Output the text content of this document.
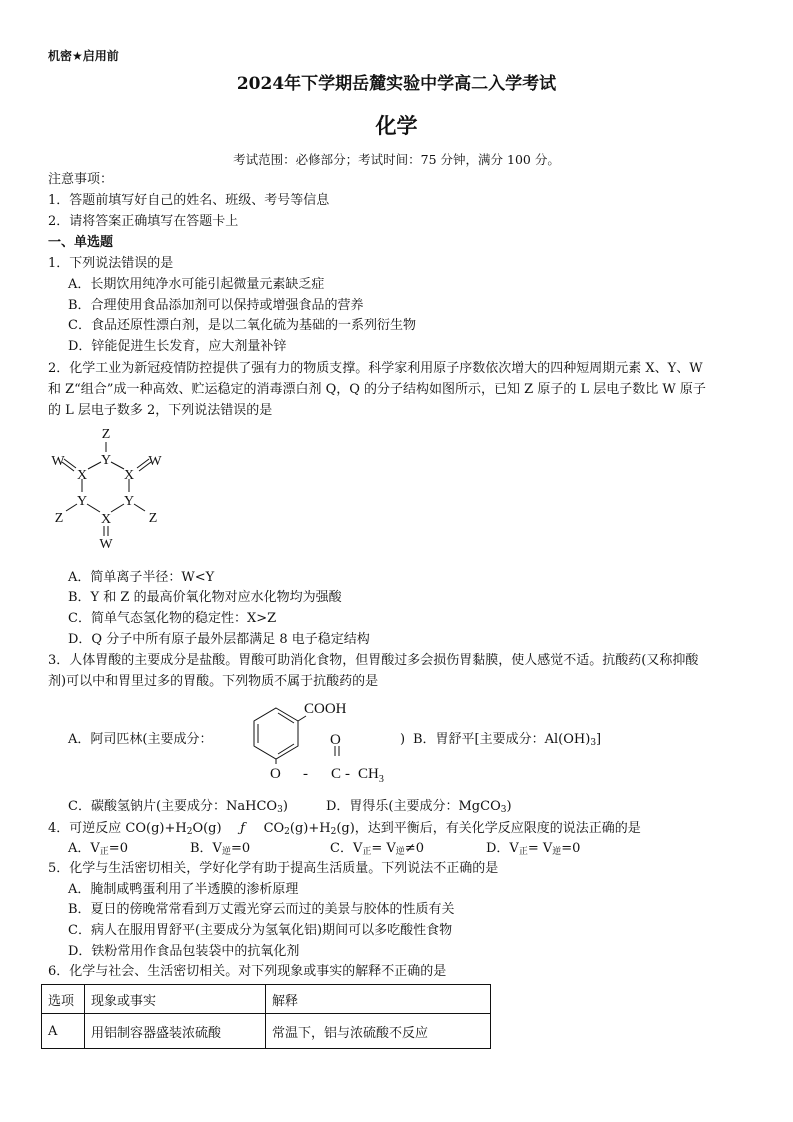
机密★启用前
2024年下学期岳麓实验中学高二入学考试
化学
考试范围：必修部分；考试时间：75 分钟，满分 100 分。
注意事项：
1．答题前填写好自己的姓名、班级、考号等信息
2．请将答案正确填写在答题卡上
一、单选题
1．下列说法错误的是
A．长期饮用纯净水可能引起微量元素缺乏症
B．合理使用食品添加剂可以保持或增强食品的营养
C．食品还原性漂白剂，是以二氧化硫为基础的一系列衍生物
D．锌能促进生长发育，应大剂量补锌
2．化学工业为新冠疫情防控提供了强有力的物质支撑。科学家利用原子序数依次增大的四种短周期元素 X、Y、W
和 Z“组合”成一种高效、贮运稳定的消毒漂白剂 Q，Q 的分子结构如图所示，已知 Z 原子的 L 层电子数比 W 原子
的 L 层电子数多 2，下列说法错误的是
Z
Y
X	X
W	W
Y	Y
Z	Z
X
W
A．简单离子半径：W<Y
B．Y 和 Z 的最高价氧化物对应水化物均为强酸
C．简单气态氢化物的稳定性：X>Z
D．Q 分子中所有原子最外层都满足 8 电子稳定结构
3．人体胃酸的主要成分是盐酸。胃酸可助消化食物，但胃酸过多会损伤胃黏膜，使人感觉不适。抗酸药(又称抑酸
剂)可以中和胃里过多的胃酸。下列物质不属于抗酸药的是
A．阿司匹林(主要成分：
COOH
O
O - C - $CH_3$
) B．胃舒平[主要成分：$Al(OH)_3$]
C．碳酸氢钠片(主要成分：NaHCO$_3$)	D．胃得乐(主要成分：MgCO$_3$)
4．可逆反应 $CO(g)+H_2O(g)$ ƒ $CO_2(g)+H_2(g)$，达到平衡后，有关化学反应限度的说法正确的是
A．$V_正=0$	B．$V_逆=0$	C．$V_正= V_逆\ne 0$	D．$V_正= V_逆=0$
5．化学与生活密切相关，学好化学有助于提高生活质量。下列说法不正确的是
A．腌制咸鸭蛋利用了半透膜的渗析原理
B．夏日的傍晚常常看到万丈霞光穿云而过的美景与胶体的性质有关
C．病人在服用胃舒平(主要成分为氢氧化铝)期间可以多吃酸性食物
D．铁粉常用作食品包装袋中的抗氧化剂
6．化学与社会、生活密切相关。对下列现象或事实的解释不正确的是
选项	现象或事实	解释
A	用铝制容器盛装浓硫酸	常温下，铝与浓硫酸不反应
